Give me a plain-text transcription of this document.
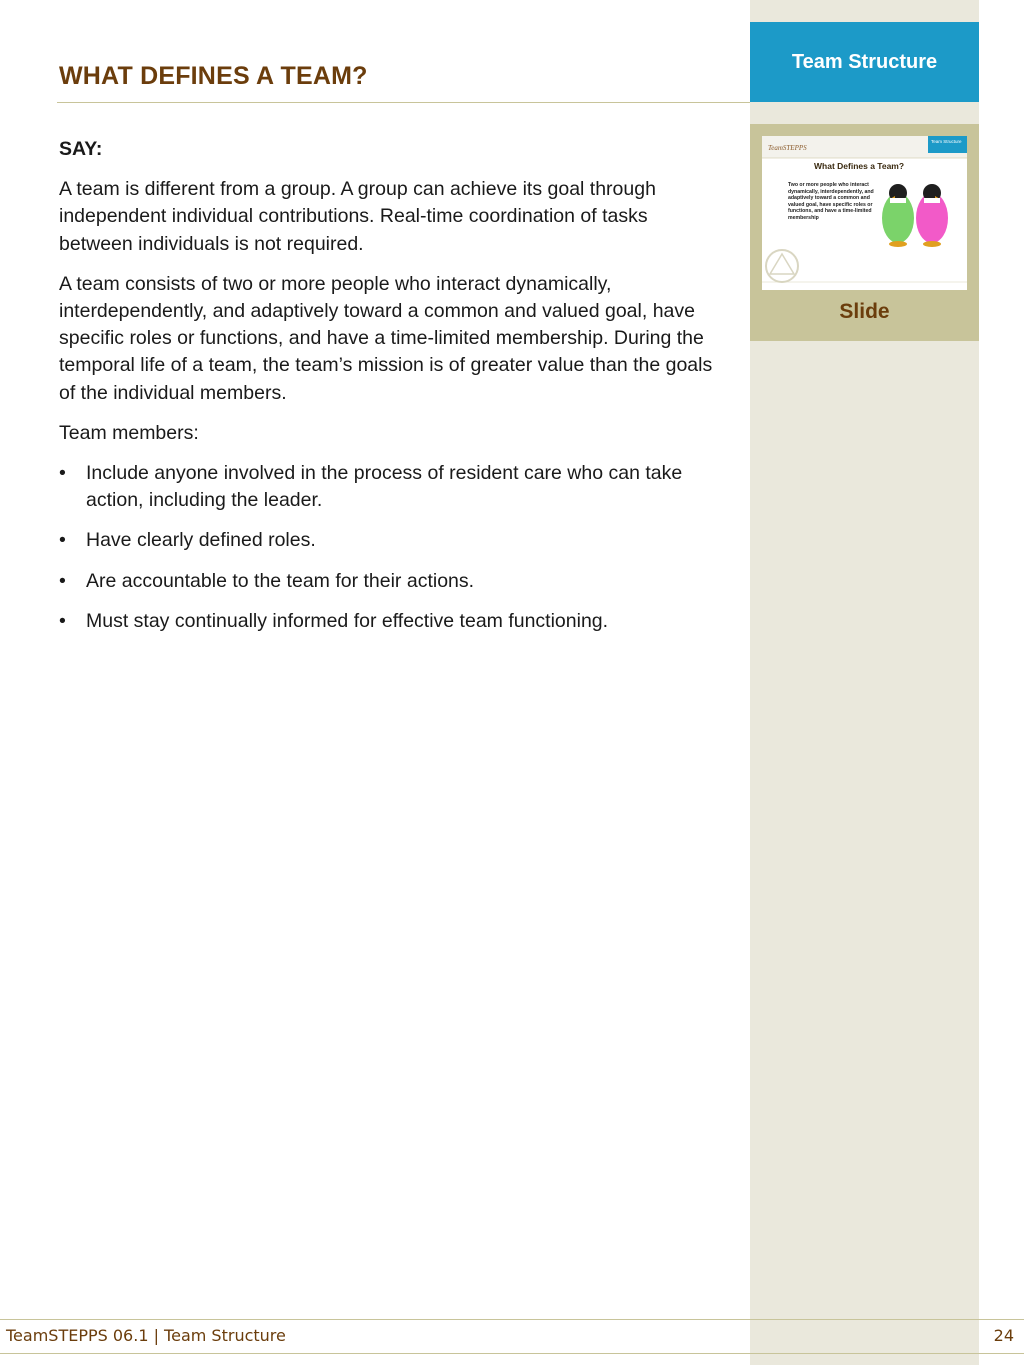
Team Structure
TeamSTEPPS
Team Structure
What Defines a Team?
Two or more people who interact dynamically, interdependently, and adaptively toward a common and valued goal, have specific roles or functions, and have a time-limited membership
Slide
WHAT DEFINES A TEAM?

SAY:

A team is different from a group. A group can achieve its goal through independent individual contributions. Real-time coordination of tasks between individuals is not required.

A team consists of two or more people who interact dynamically, interdependently, and adaptively toward a common and valued goal, have specific roles or functions, and have a time-limited membership. During the temporal life of a team, the team’s mission is of greater value than the goals of the individual members.

Team members:

• Include anyone involved in the process of resident care who can take action, including the leader.
• Have clearly defined roles.
• Are accountable to the team for their actions.
• Must stay continually informed for effective team functioning.
TeamSTEPPS 06.1 | Team Structure	24
